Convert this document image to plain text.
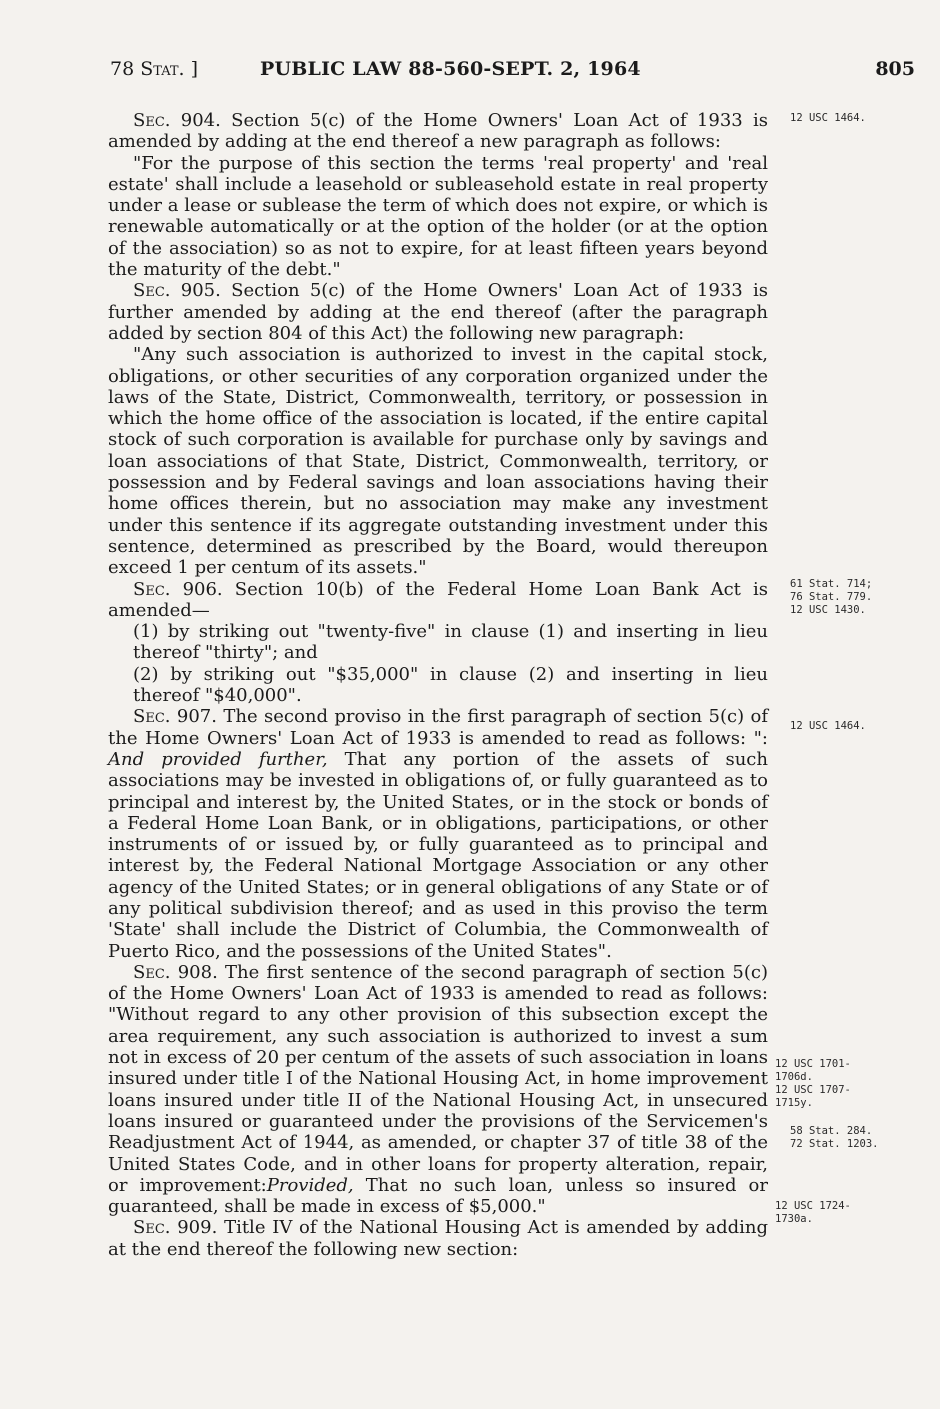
78 Stat. ]	PUBLIC LAW 88-560-SEPT. 2, 1964	805

Sec. 904. Section 5(c) of the Home Owners' Loan Act of 1933 is amended by adding at the end thereof a new paragraph as follows:

"For the purpose of this section the terms 'real property' and 'real estate' shall include a leasehold or subleasehold estate in real property under a lease or sublease the term of which does not expire, or which is renewable automatically or at the option of the holder (or at the option of the association) so as not to expire, for at least fifteen years beyond the maturity of the debt."

Sec. 905. Section 5(c) of the Home Owners' Loan Act of 1933 is further amended by adding at the end thereof (after the paragraph added by section 804 of this Act) the following new paragraph:

"Any such association is authorized to invest in the capital stock, obligations, or other securities of any corporation organized under the laws of the State, District, Commonwealth, territory, or possession in which the home office of the association is located, if the entire capital stock of such corporation is available for purchase only by savings and loan associations of that State, District, Commonwealth, territory, or possession and by Federal savings and loan associations having their home offices therein, but no association may make any investment under this sentence if its aggregate outstanding investment under this sentence, determined as prescribed by the Board, would thereupon exceed 1 per centum of its assets."

Sec. 906. Section 10(b) of the Federal Home Loan Bank Act is amended—

(1) by striking out "twenty-five" in clause (1) and inserting in lieu thereof "thirty"; and

(2) by striking out "$35,000" in clause (2) and inserting in lieu thereof "$40,000".

Sec. 907. The second proviso in the first paragraph of section 5(c) of the Home Owners' Loan Act of 1933 is amended to read as follows: ": And provided further, That any portion of the assets of such associations may be invested in obligations of, or fully guaranteed as to principal and interest by, the United States, or in the stock or bonds of a Federal Home Loan Bank, or in obligations, participations, or other instruments of or issued by, or fully guaranteed as to principal and interest by, the Federal National Mortgage Association or any other agency of the United States; or in general obligations of any State or of any political subdivision thereof; and as used in this proviso the term 'State' shall include the District of Columbia, the Commonwealth of Puerto Rico, and the possessions of the United States".

Sec. 908. The first sentence of the second paragraph of section 5(c) of the Home Owners' Loan Act of 1933 is amended to read as follows: "Without regard to any other provision of this subsection except the area requirement, any such association is authorized to invest a sum not in excess of 20 per centum of the assets of such association in loans insured under title I of the National Housing Act, in home improvement loans insured under title II of the National Housing Act, in unsecured loans insured or guaranteed under the provisions of the Servicemen's Readjustment Act of 1944, as amended, or chapter 37 of title 38 of the United States Code, and in other loans for property alteration, repair, or improvement:Provided, That no such loan, unless so insured or guaranteed, shall be made in excess of $5,000."

Sec. 909. Title IV of the National Housing Act is amended by adding at the end thereof the following new section:

12 USC 1464.
61 Stat. 714;
76 Stat. 779.
12 USC 1430.
12 USC 1464.
12 USC 1701-
1706d.
12 USC 1707-
1715y.
58 Stat. 284.
72 Stat. 1203.
12 USC 1724-
1730a.
